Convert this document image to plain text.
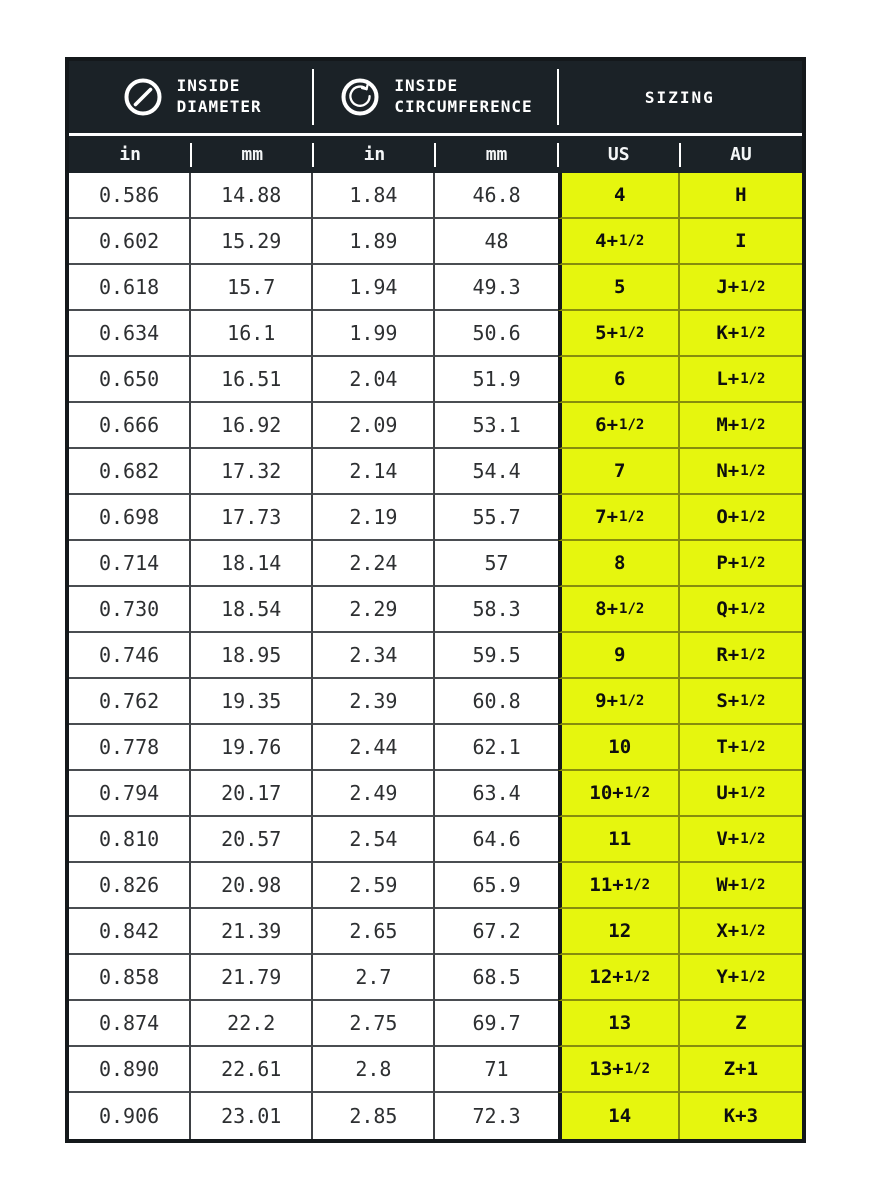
INSIDE
DIAMETER
INSIDE
CIRCUMFERENCE	SIZING
in	mm	in	mm	US	AU
0.586	14.88	1.84	46.8	4	H
0.602	15.29	1.89	48	4+ 1/2	I
0.618	15.7	1.94	49.3	5	J+ 1/2
0.634	16.1	1.99	50.6	5+ 1/2	K+ 1/2
0.650	16.51	2.04	51.9	6	L+ 1/2
0.666	16.92	2.09	53.1	6+ 1/2	M+ 1/2
0.682	17.32	2.14	54.4	7	N+ 1/2
0.698	17.73	2.19	55.7	7+ 1/2	O+ 1/2
0.714	18.14	2.24	57	8	P+ 1/2
0.730	18.54	2.29	58.3	8+ 1/2	Q+ 1/2
0.746	18.95	2.34	59.5	9	R+ 1/2
0.762	19.35	2.39	60.8	9+ 1/2	S+ 1/2
0.778	19.76	2.44	62.1	10	T+ 1/2
0.794	20.17	2.49	63.4	10+ 1/2	U+ 1/2
0.810	20.57	2.54	64.6	11	V+ 1/2
0.826	20.98	2.59	65.9	11+ 1/2	W+ 1/2
0.842	21.39	2.65	67.2	12	X+ 1/2
0.858	21.79	2.7	68.5	12+ 1/2	Y+ 1/2
0.874	22.2	2.75	69.7	13	Z
0.890	22.61	2.8	71	13+ 1/2	Z+1
0.906	23.01	2.85	72.3	14	K+3
